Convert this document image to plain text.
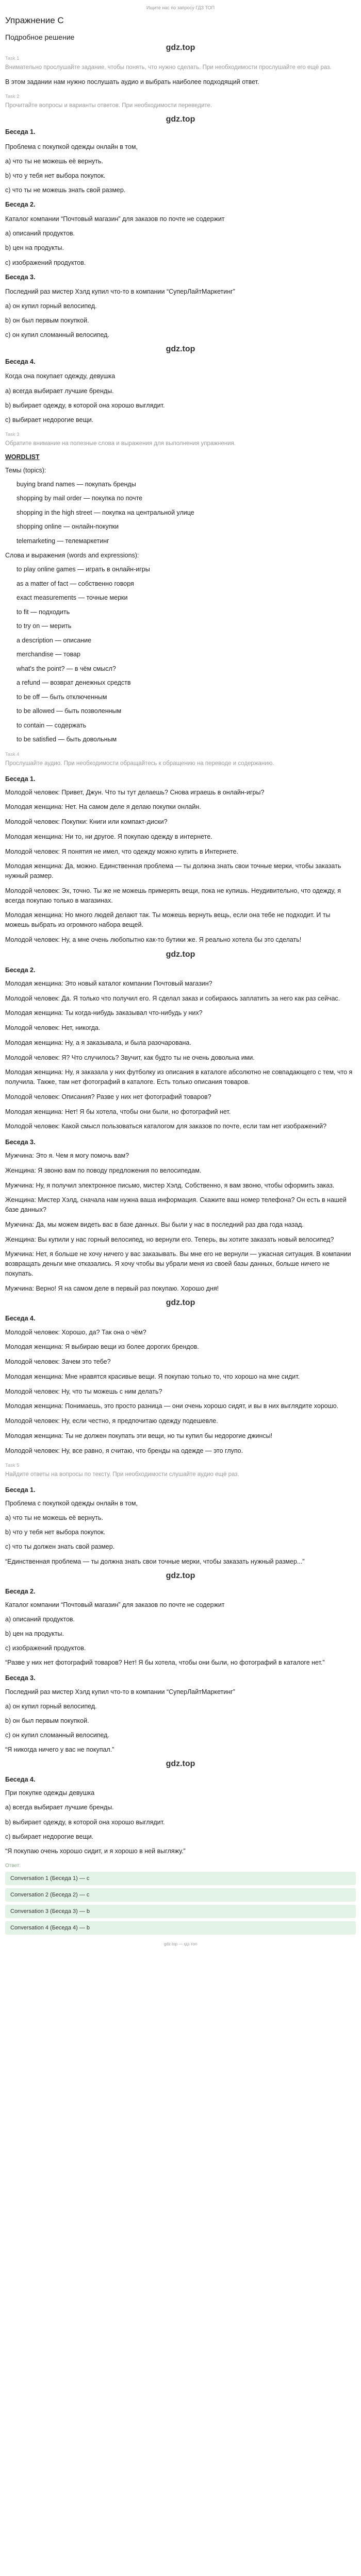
Ищите нас по запросу ГДЗ ТОП
Упражнение C
Подробное решение
gdz.top
Task 1
Внимательно прослушайте задание, чтобы понять, что нужно сделать. При необходимости прослушайте его ещё раз.
В этом задании нам нужно послушать аудио и выбрать наиболее подходящий ответ.
Task 2
Прочитайте вопросы и варианты ответов. При необходимости переведите.
gdz.top
Беседа 1.
Проблема с покупкой одежды онлайн в том,
а) что ты не можешь её вернуть.
b) что у тебя нет выбора покупок.
c) что ты не можешь знать свой размер.
Беседа 2.
Каталог компании “Почтовый магазин” для заказов по почте не содержит
а) описаний продуктов.
b) цен на продукты.
c) изображений продуктов.
Беседа 3.
Последний раз мистер Хэлд купил что-то в компании “СуперЛайтМаркетинг”
а) он купил горный велосипед.
b) он был первым покупкой.
c) он купил сломанный велосипед.
gdz.top
Беседа 4.
Когда она покупает одежду, девушка
a) всегда выбирает лучшие бренды.
b) выбирает одежду, в которой она хорошо выглядит.
c) выбирает недорогие вещи.
Task 3
Обратите внимание на полезные слова и выражения для выполнения упражнения.
WORDLIST
Темы (topics):
buying brand names — покупать бренды
shopping by mail order — покупка по почте
shopping in the high street — покупка на центральной улице
shopping online — онлайн-покупки
telemarketing — телемаркетинг
Слова и выражения (words and expressions):
to play online games — играть в онлайн-игры
as a matter of fact — собственно говоря
exact measurements — точные мерки
to fit — подходить
to try on — мерить
a description — описание
merchandise — товар
what's the point? — в чём смысл?
a refund — возврат денежных средств
to be off — быть отключенным
to be allowed — быть позволенным
to contain — содержать
to be satisfied — быть довольным
Task 4
Прослушайте аудио. При необходимости обращайтесь к обращению на переводе и содержанию.
Беседа 1.
Молодой человек: Привет, Джун. Что ты тут делаешь? Снова играешь в онлайн-игры?
Молодая женщина: Нет. На самом деле я делаю покупки онлайн.
Молодой человек: Покупки: Книги или компакт-диски?
Молодая женщина: Ни то, ни другое. Я покупаю одежду в интернете.
Молодой человек: Я понятия не имел, что одежду можно купить в Интернете.
Молодая женщина: Да, можно. Единственная проблема — ты должна знать свои точные мерки, чтобы заказать нужный размер.
Молодой человек: Эх, точно. Ты же не можешь примерять вещи, пока не купишь. Неудивительно, что одежду, я всегда покупаю только в магазинах.
Молодая женщина: Но много людей делают так. Ты можешь вернуть вещь, если она тебе не подходит. И ты можешь выбрать из огромного набора вещей.
Молодой человек: Ну, а мне очень любопытно как-то бутики же. Я реально хотела бы это сделать!
gdz.top
Беседа 2.
Молодая женщина: Это новый каталог компании Почтовый магазин?
Молодой человек: Да. Я только что получил его. Я сделал заказ и собираюсь заплатить за него как раз сейчас.
Молодая женщина: Ты когда-нибудь заказывал что-нибудь у них?
Молодой человек: Нет, никогда.
Молодая женщина: Ну, а я заказывала, и была разочарована.
Молодой человек: Я? Что случилось? Звучит, как будто ты не очень довольна ими.
Молодая женщина: Ну, я заказала у них футболку из описания в каталоге абсолютно не совпадающего с тем, что я получила. Также, там нет фотографий в каталоге. Есть только описания товаров.
Молодой человек: Описания? Разве у них нет фотографий товаров?
Молодая женщина: Нет! Я бы хотела, чтобы они были, но фотографий нет.
Молодой человек: Какой смысл пользоваться каталогом для заказов по почте, если там нет изображений?
Беседа 3.
Мужчина: Это я. Чем я могу помочь вам?
Женщина: Я звоню вам по поводу предложения по велосипедам.
Мужчина: Ну, я получил электронное письмо, мистер Хэлд. Собственно, я вам звоню, чтобы оформить заказ.
Женщина: Мистер Хэлд, сначала нам нужна ваша информация. Скажите ваш номер телефона? Он есть в нашей базе данных?
Мужчина: Да, мы можем видеть вас в базе данных. Вы были у нас в последний раз два года назад.
Женщина: Вы купили у нас горный велосипед, но вернули его. Теперь, вы хотите заказать новый велосипед?
Мужчина: Нет, я больше не хочу ничего у вас заказывать. Вы мне его не вернули — ужасная ситуация. В компании возвращать деньги мне отказались. Я хочу чтобы вы убрали меня из своей базы данных, больше ничего не покупать.
Мужчина: Верно! Я на самом деле в первый раз покупаю. Хорошо дня!
gdz.top
Беседа 4.
Молодой человек: Хорошо, да? Так она о чём?
Молодая женщина: Я выбираю вещи из более дорогих брендов.
Молодой человек: Зачем это тебе?
Молодая женщина: Мне нравятся красивые вещи. Я покупаю только то, что хорошо на мне сидит.
Молодой человек: Ну, что ты можешь с ним делать?
Молодая женщина: Понимаешь, это просто разница — они очень хорошо сидят, и вы в них выглядите хорошо.
Молодой человек: Ну, если честно, я предпочитаю одежду подешевле.
Молодая женщина: Ты не должен покупать эти вещи, но ты купил бы недорогие джинсы!
Молодой человек: Ну, все равно, я считаю, что бренды на одежде — это глупо.
Task 5
Найдите ответы на вопросы по тексту. При необходимости слушайте аудио ещё раз.
Беседа 1.
Проблема с покупкой одежды онлайн в том,
а) что ты не можешь её вернуть.
b) что у тебя нет выбора покупок.
c) что ты должен знать свой размер.
“Единственная проблема — ты должна знать свои точные мерки, чтобы заказать нужный размер...”
gdz.top
Беседа 2.
Каталог компании “Почтовый магазин” для заказов по почте не содержит
а) описаний продуктов.
b) цен на продукты.
c) изображений продуктов.
“Разве у них нет фотографий товаров? Нет! Я бы хотела, чтобы они были, но фотографий в каталоге нет.”
Беседа 3.
Последний раз мистер Хэлд купил что-то в компании “СуперЛайтМаркетинг”
а) он купил горный велосипед.
b) он был первым покупкой.
c) он купил сломанный велосипед.
“Я никогда ничего у вас не покупал.”
gdz.top
Беседа 4.
При покупке одежды девушка
а) всегда выбирает лучшие бренды.
b) выбирает одежду, в которой она хорошо выглядит.
c) выбирает недорогие вещи.
“Я покупаю очень хорошо сидит, и я хорошо в ней выгляжу.”
Ответ:
Conversation 1 (Беседа 1) — c
Conversation 2 (Беседа 2) — c
Conversation 3 (Беседа 3) — b
Conversation 4 (Беседа 4) — b
gdz.top — гдз топ
